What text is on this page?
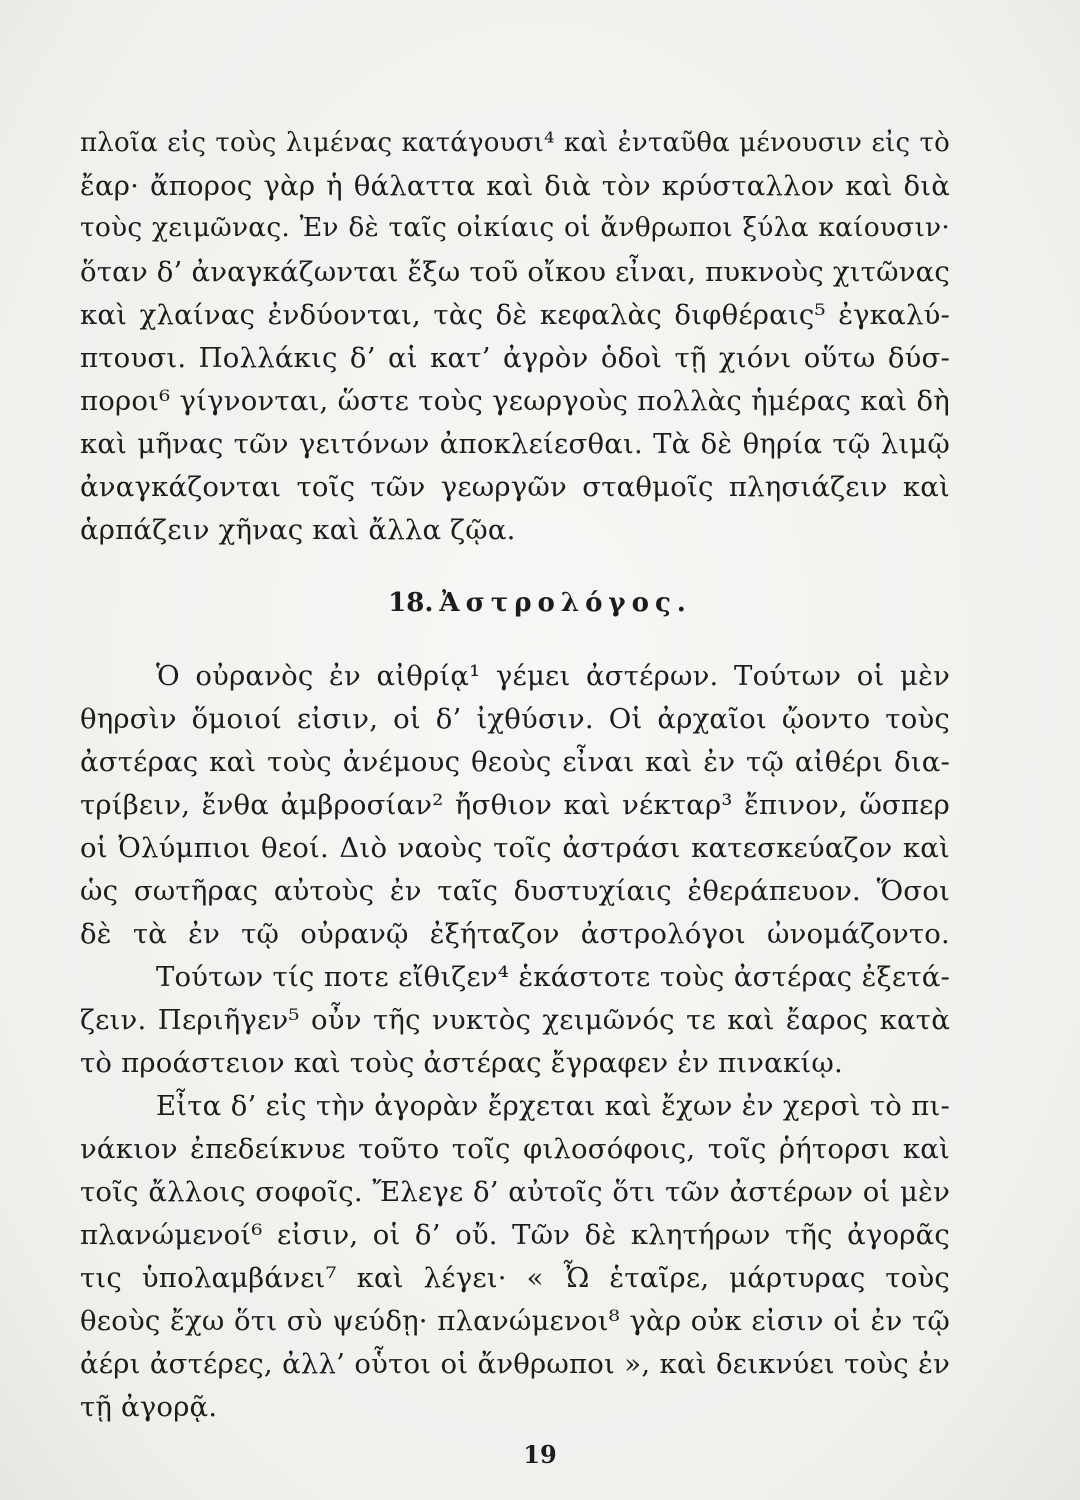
πλοῖα εἰς τοὺς λιμένας κατάγουσι⁴ καὶ ἐνταῦθα μένουσιν εἰς τὸ
ἔαρ· ἄπορος γὰρ ἡ θάλαττα καὶ διὰ τὸν κρύσταλλον καὶ διὰ
τοὺς χειμῶνας. Ἐν δὲ ταῖς οἰκίαις οἱ ἄνθρωποι ξύλα καίουσιν·
ὅταν δ’ ἀναγκάζωνται ἔξω τοῦ οἴκου εἶναι, πυκνοὺς χιτῶνας
καὶ χλαίνας ἐνδύονται, τὰς δὲ κεφαλὰς διφθέραις⁵ ἐγκαλύ-
πτουσι. Πολλάκις δ’ αἱ κατ’ ἀγρὸν ὁδοὶ τῇ χιόνι οὕτω δύσ-
ποροι⁶ γίγνονται, ὥστε τοὺς γεωργοὺς πολλὰς ἡμέρας καὶ δὴ
καὶ μῆνας τῶν γειτόνων ἀποκλείεσθαι. Τὰ δὲ θηρία τῷ λιμῷ
ἀναγκάζονται τοῖς τῶν γεωργῶν σταθμοῖς πλησιάζειν καὶ
ἁρπάζειν χῆνας καὶ ἄλλα ζῷα.
18. Ἀστρολόγος.
Ὁ οὐρανὸς ἐν αἰθρίᾳ¹ γέμει ἀστέρων. Τούτων οἱ μὲν
θηρσὶν ὅμοιοί εἰσιν, οἱ δ’ ἰχθύσιν. Οἱ ἀρχαῖοι ᾤοντο τοὺς
ἀστέρας καὶ τοὺς ἀνέμους θεοὺς εἶναι καὶ ἐν τῷ αἰθέρι δια-
τρίβειν, ἔνθα ἀμβροσίαν² ἤσθιον καὶ νέκταρ³ ἔπινον, ὥσπερ
οἱ Ὀλύμπιοι θεοί. Διὸ ναοὺς τοῖς ἀστράσι κατεσκεύαζον καὶ
ὡς σωτῆρας αὐτοὺς ἐν ταῖς δυστυχίαις ἐθεράπευον. Ὅσοι
δὲ τὰ ἐν τῷ οὐρανῷ ἐξήταζον ἀστρολόγοι ὠνομάζοντο.
Τούτων τίς ποτε εἴθιζεν⁴ ἑκάστοτε τοὺς ἀστέρας ἐξετά-
ζειν. Περιῆγεν⁵ οὖν τῆς νυκτὸς χειμῶνός τε καὶ ἔαρος κατὰ
τὸ προάστειον καὶ τοὺς ἀστέρας ἔγραφεν ἐν πινακίῳ.
Εἶτα δ’ εἰς τὴν ἀγορὰν ἔρχεται καὶ ἔχων ἐν χερσὶ τὸ πι-
νάκιον ἐπεδείκνυε τοῦτο τοῖς φιλοσόφοις, τοῖς ῥήτορσι καὶ
τοῖς ἄλλοις σοφοῖς. Ἔλεγε δ’ αὐτοῖς ὅτι τῶν ἀστέρων οἱ μὲν
πλανώμενοί⁶ εἰσιν, οἱ δ’ οὔ. Τῶν δὲ κλητήρων τῆς ἀγορᾶς
τις ὑπολαμβάνει⁷ καὶ λέγει· « Ὦ ἑταῖρε, μάρτυρας τοὺς
θεοὺς ἔχω ὅτι σὺ ψεύδῃ· πλανώμενοι⁸ γὰρ οὐκ εἰσιν οἱ ἐν τῷ
ἀέρι ἀστέρες, ἀλλ’ οὗτοι οἱ ἄνθρωποι », καὶ δεικνύει τοὺς ἐν
τῇ ἀγορᾷ.
19
